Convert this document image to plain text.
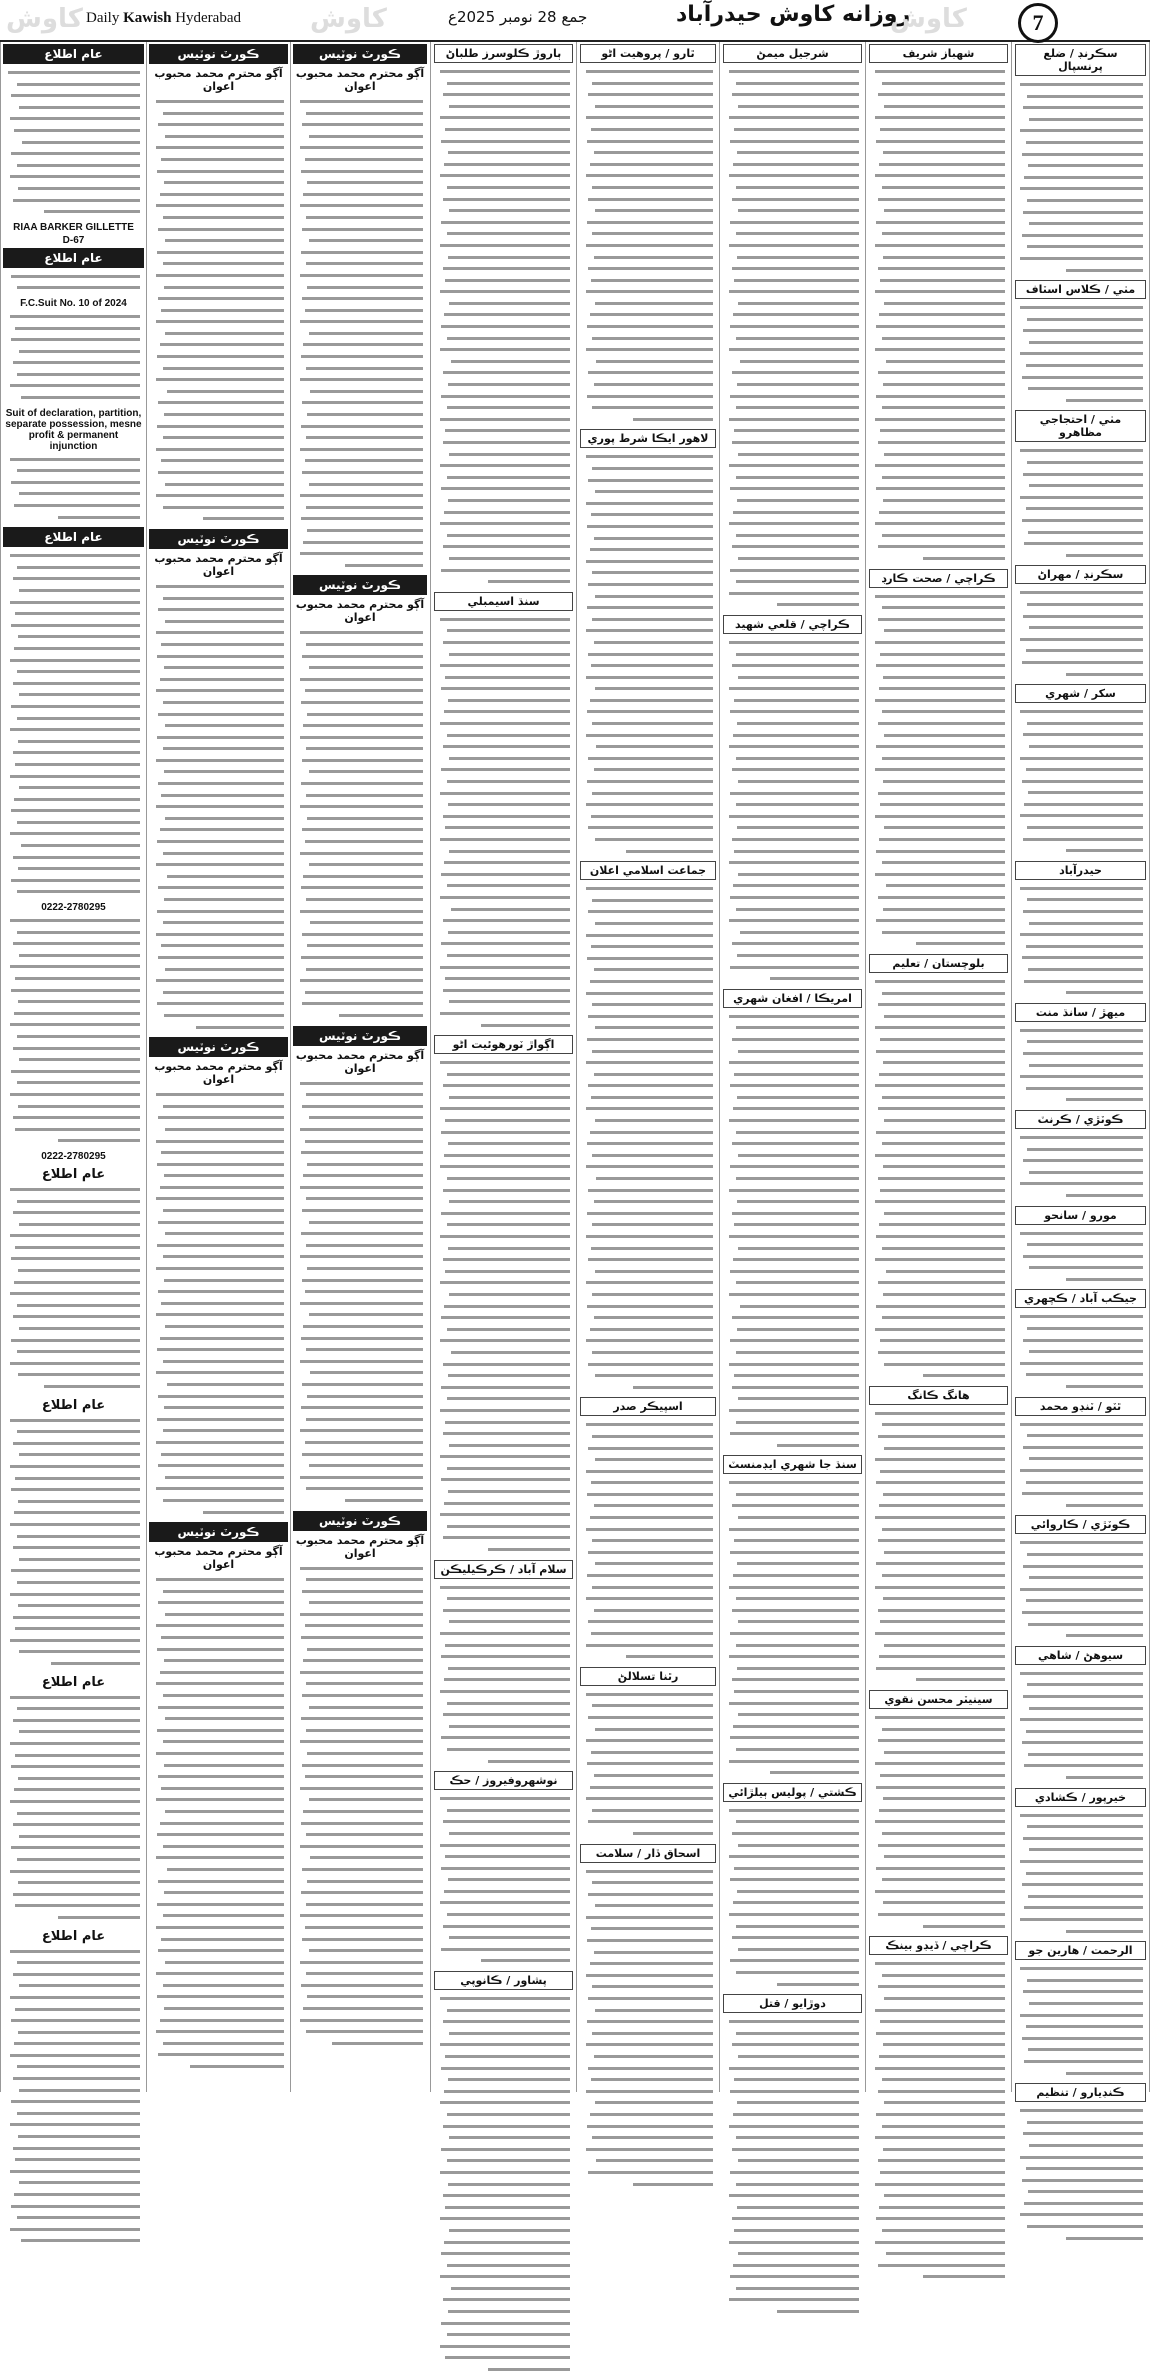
کاوش Daily Kawish Hyderabad	کاوش	جمع 28 نومبر 2025ع	روزانه کاوش حيدرآباد
کاوش	7
عام اطلاع
RIAA BARKER GILLETTE
D-67
عام اطلاع
F.C.Suit No. 10 of 2024
Suit of declaration, partition, separate possession, mesne profit & permanent injunction
عام اطلاع
0222-2780295
0222-2780295
عام اطلاع
عام اطلاع
عام اطلاع
عام اطلاع
ڪورٽ نوٽيس
آڳو محترم محمد محبوب اعوان
ڪورٽ نوٽيس
آڳو محترم محمد محبوب اعوان
ڪورٽ نوٽيس
آڳو محترم محمد محبوب اعوان
ڪورٽ نوٽيس
آڳو محترم محمد محبوب اعوان
ڪورٽ نوٽيس
آڳو محترم محمد محبوب اعوان
ڪورٽ نوٽيس
آڳو محترم محمد محبوب اعوان
ڪورٽ نوٽيس
آڳو محترم محمد محبوب اعوان
ڪورٽ نوٽيس
آڳو محترم محمد محبوب اعوان
ٻاروڙ ڪلوسرز طلباڻ
سنڌ اسيمبلي
اڳواڙ ٽورهوئيت اڻو
سلام آباد / ڪرڪيليڪن
نوشهروفيروز / حڪ
پشاور / ڪانوپي
ٿارو / پروهيت اڻو
لاهور ايڪا شرط پوري
جماعت اسلامي اعلان
اسپيڪر صدر
رٿنا تسلالڻ
اسحاق ڏار / سلامت
شرجيل ميمڻ
ڪراچي / قلعي شهيد
امريڪا / افغان شهري
سنڌ جا شهري ايڊمنسٽ
ڪشتي / پوليس ٻيلڙائي
دوڙايو / قتل
شهباز شريف
ڪراچي / صحت ڪارڊ
بلوچستان / تعليم
هانگ ڪانگ
سينيٽر محسن نقوي
ڪراچي / ڏيڊو بينڪ
سڪرنڊ / ضلع پرنسپال
مٺي / ڪلاس اسٽاف
مٺي / احتجاجي مظاهرو
سڪرنڊ / مهراڻ
سکر / شهري
حيدرآباد
ميهڙ / سانڌ منت
ڪوٽڙي / ڪرنٽ
مورو / سانحو
جيڪب آباد / ڪچهري
ٿٽو / ٽنڊو محمد
ڪوٽڙي / ڪاروائي
سيوهڻ / شاهي
خيرپور / ڪشادي
الرحمت / هارين جو
ڪنڊيارو / تنظيم
